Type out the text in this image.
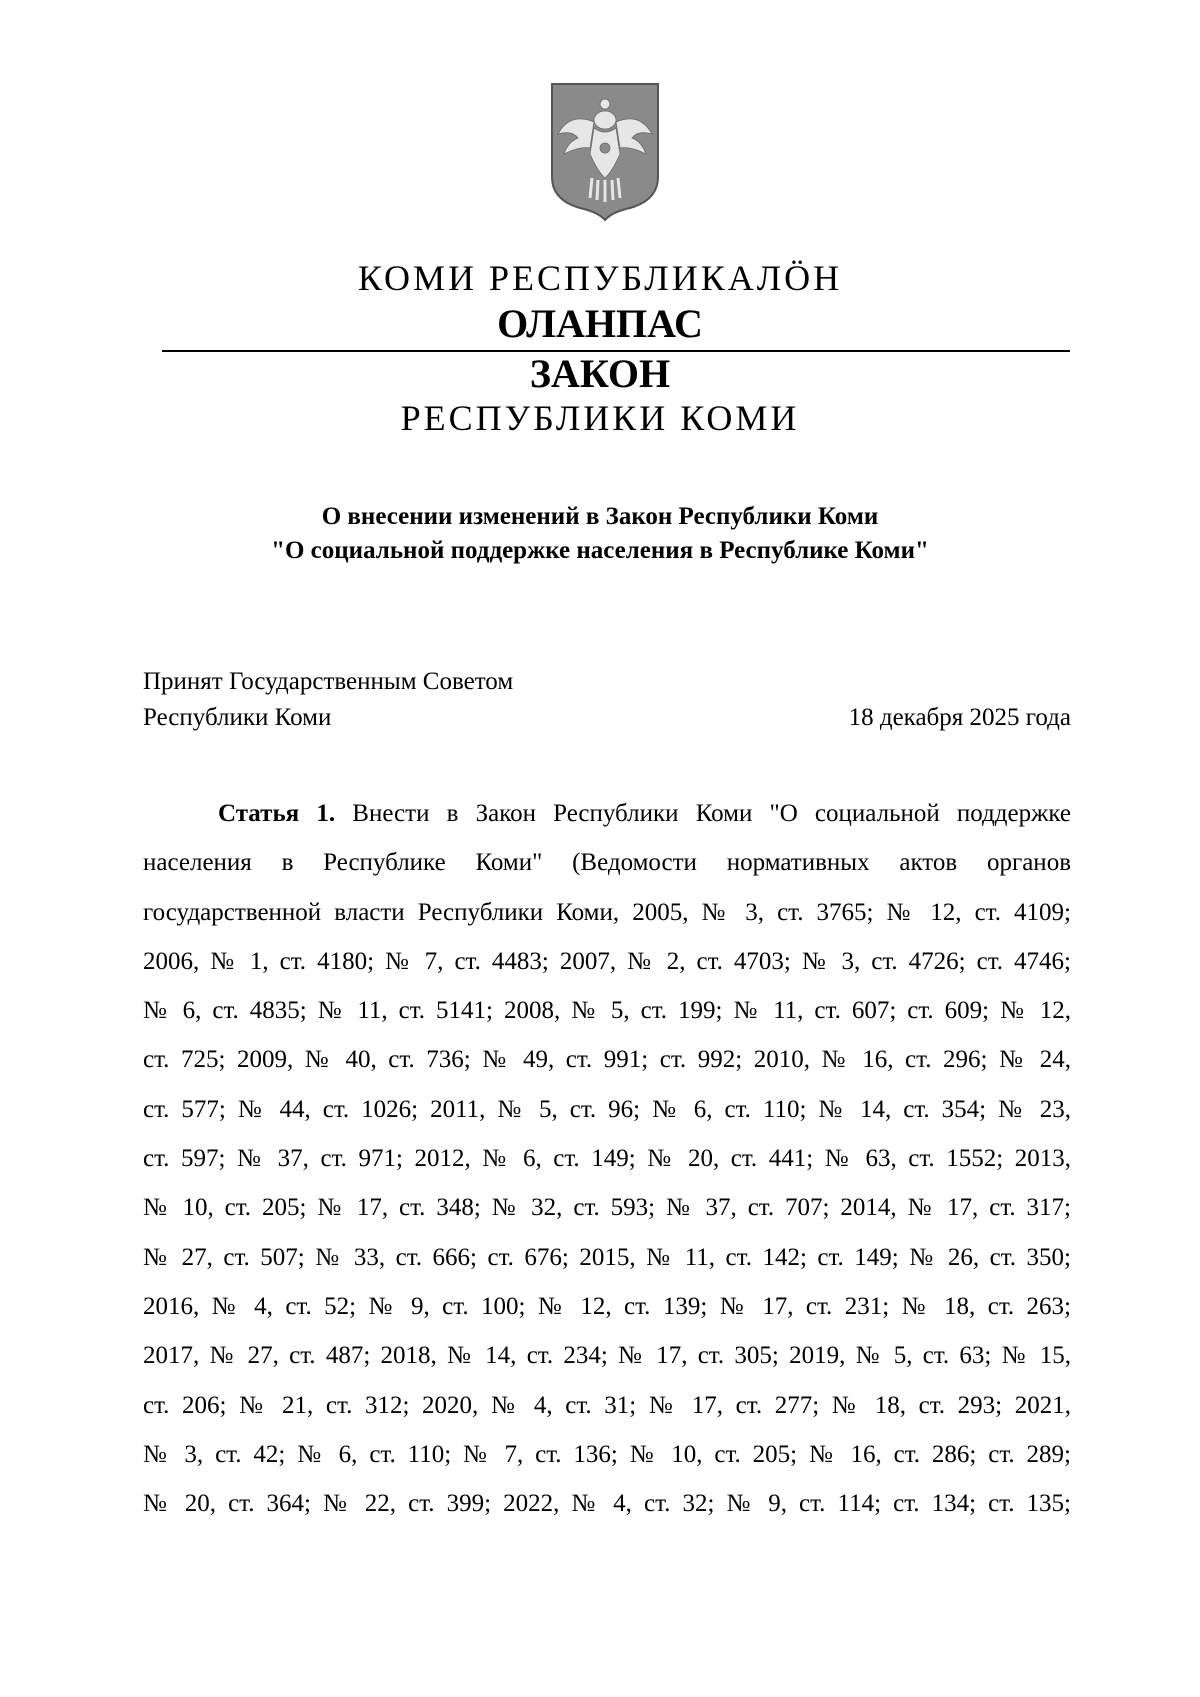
КОМИ РЕСПУБЛИКАЛӦН
ОЛАНПАС
ЗАКОН
РЕСПУБЛИКИ КОМИ
О внесении изменений в Закон Республики Коми
"О социальной поддержке населения в Республике Коми"
Принят Государственным Советом
Республики Коми	18 декабря 2025 года
Статья 1. Внести в Закон Республики Коми "О социальной поддержке
населения в Республике Коми" (Ведомости нормативных актов органов
государственной власти Республики Коми, 2005, № 3, ст. 3765; № 12, ст. 4109;
2006, № 1, ст. 4180; № 7, ст. 4483; 2007, № 2, ст. 4703; № 3, ст. 4726; ст. 4746;
№ 6, ст. 4835; № 11, ст. 5141; 2008, № 5, ст. 199; № 11, ст. 607; ст. 609; № 12,
ст. 725; 2009, № 40, ст. 736; № 49, ст. 991; ст. 992; 2010, № 16, ст. 296; № 24,
ст. 577; № 44, ст. 1026; 2011, № 5, ст. 96; № 6, ст. 110; № 14, ст. 354; № 23,
ст. 597; № 37, ст. 971; 2012, № 6, ст. 149; № 20, ст. 441; № 63, ст. 1552; 2013,
№ 10, ст. 205; № 17, ст. 348; № 32, ст. 593; № 37, ст. 707; 2014, № 17, ст. 317;
№ 27, ст. 507; № 33, ст. 666; ст. 676; 2015, № 11, ст. 142; ст. 149; № 26, ст. 350;
2016, № 4, ст. 52; № 9, ст. 100; № 12, ст. 139; № 17, ст. 231; № 18, ст. 263;
2017, № 27, ст. 487; 2018, № 14, ст. 234; № 17, ст. 305; 2019, № 5, ст. 63; № 15,
ст. 206; № 21, ст. 312; 2020, № 4, ст. 31; № 17, ст. 277; № 18, ст. 293; 2021,
№ 3, ст. 42; № 6, ст. 110; № 7, ст. 136; № 10, ст. 205; № 16, ст. 286; ст. 289;
№ 20, ст. 364; № 22, ст. 399; 2022, № 4, ст. 32; № 9, ст. 114; ст. 134; ст. 135;
